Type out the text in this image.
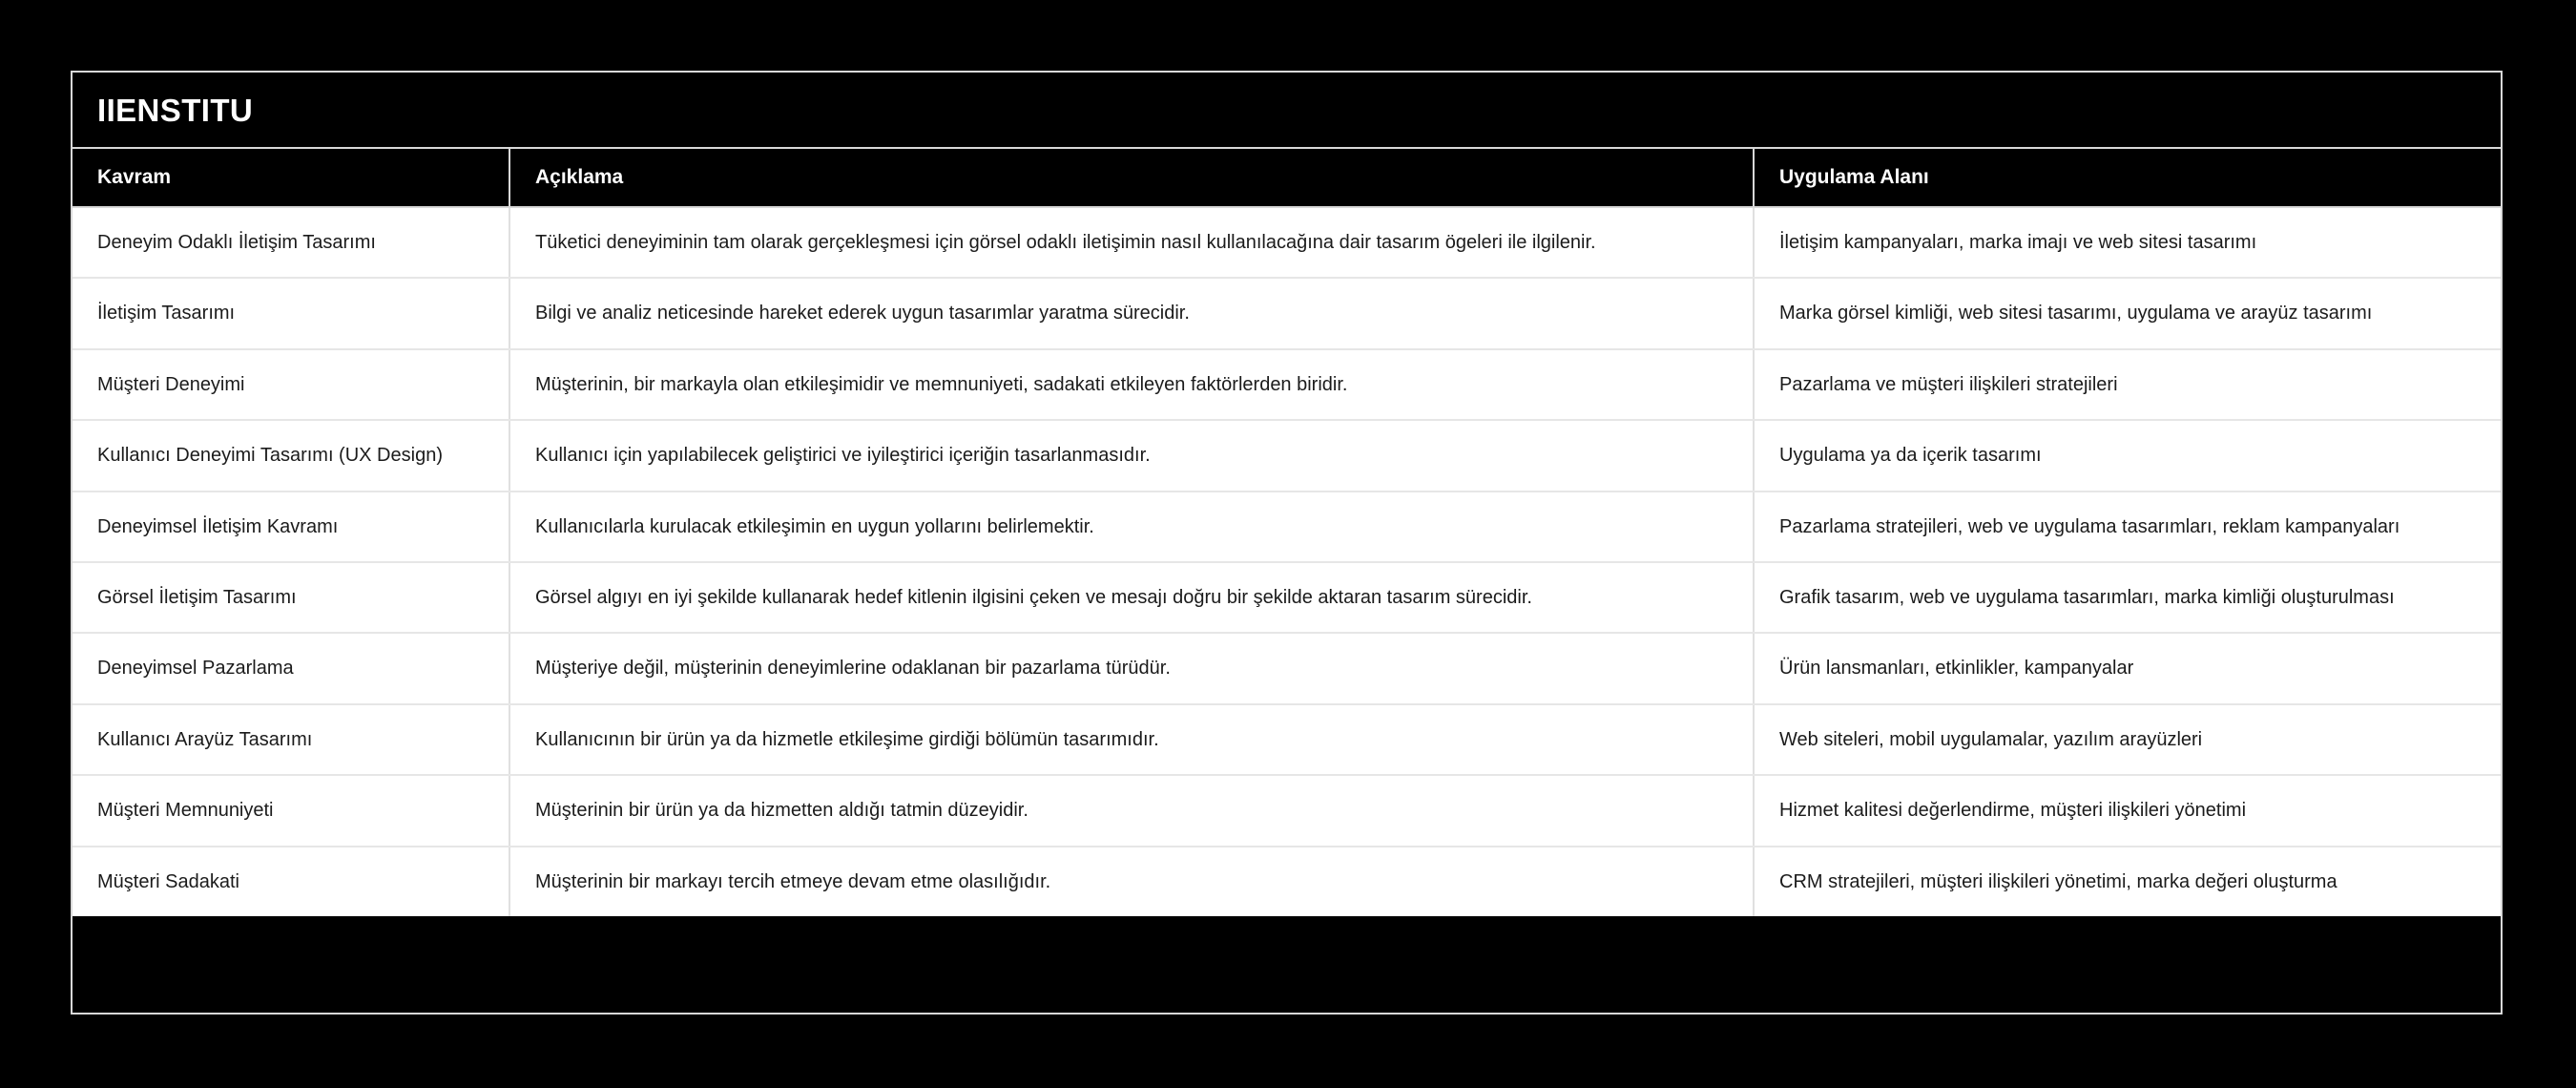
IIENSTITU
Kavram	Açıklama	Uygulama Alanı
Deneyim Odaklı İletişim Tasarımı	Tüketici deneyiminin tam olarak gerçekleşmesi için görsel odaklı iletişimin nasıl kullanılacağına dair tasarım ögeleri ile ilgilenir.	İletişim kampanyaları, marka imajı ve web sitesi tasarımı
İletişim Tasarımı	Bilgi ve analiz neticesinde hareket ederek uygun tasarımlar yaratma sürecidir.	Marka görsel kimliği, web sitesi tasarımı, uygulama ve arayüz tasarımı
Müşteri Deneyimi	Müşterinin, bir markayla olan etkileşimidir ve memnuniyeti, sadakati etkileyen faktörlerden biridir.	Pazarlama ve müşteri ilişkileri stratejileri
Kullanıcı Deneyimi Tasarımı (UX Design)	Kullanıcı için yapılabilecek geliştirici ve iyileştirici içeriğin tasarlanmasıdır.	Uygulama ya da içerik tasarımı
Deneyimsel İletişim Kavramı	Kullanıcılarla kurulacak etkileşimin en uygun yollarını belirlemektir.	Pazarlama stratejileri, web ve uygulama tasarımları, reklam kampanyaları
Görsel İletişim Tasarımı	Görsel algıyı en iyi şekilde kullanarak hedef kitlenin ilgisini çeken ve mesajı doğru bir şekilde aktaran tasarım sürecidir.	Grafik tasarım, web ve uygulama tasarımları, marka kimliği oluşturulması
Deneyimsel Pazarlama	Müşteriye değil, müşterinin deneyimlerine odaklanan bir pazarlama türüdür.	Ürün lansmanları, etkinlikler, kampanyalar
Kullanıcı Arayüz Tasarımı	Kullanıcının bir ürün ya da hizmetle etkileşime girdiği bölümün tasarımıdır.	Web siteleri, mobil uygulamalar, yazılım arayüzleri
Müşteri Memnuniyeti	Müşterinin bir ürün ya da hizmetten aldığı tatmin düzeyidir.	Hizmet kalitesi değerlendirme, müşteri ilişkileri yönetimi
Müşteri Sadakati	Müşterinin bir markayı tercih etmeye devam etme olasılığıdır.	CRM stratejileri, müşteri ilişkileri yönetimi, marka değeri oluşturma
